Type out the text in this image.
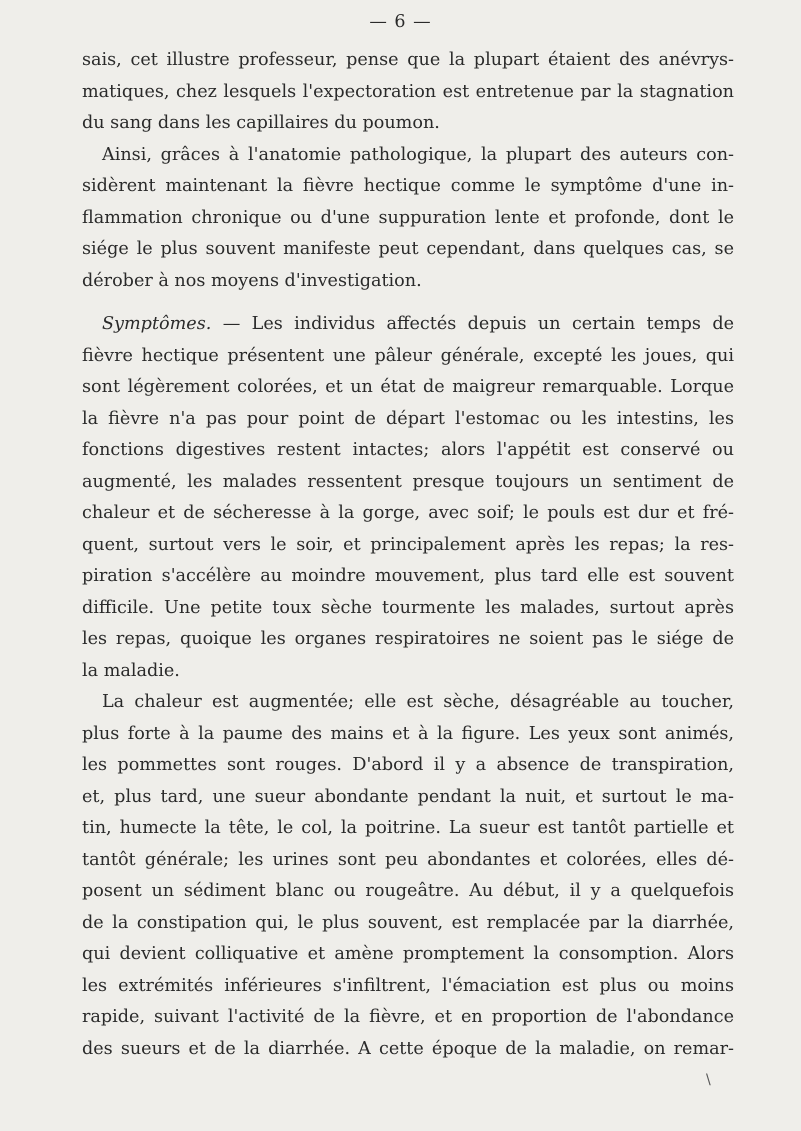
— 6 —
sais, cet illustre professeur, pense que la plupart étaient des anévrys-
matiques, chez lesquels l'expectoration est entretenue par la stagnation
du sang dans les capillaires du poumon.
Ainsi, grâces à l'anatomie pathologique, la plupart des auteurs con-
sidèrent maintenant la fièvre hectique comme le symptôme d'une in-
flammation chronique ou d'une suppuration lente et profonde, dont le
siége le plus souvent manifeste peut cependant, dans quelques cas, se
dérober à nos moyens d'investigation.
Symptômes. — Les individus affectés depuis un certain temps de
fièvre hectique présentent une pâleur générale, excepté les joues, qui
sont légèrement colorées, et un état de maigreur remarquable. Lorque
la fièvre n'a pas pour point de départ l'estomac ou les intestins, les
fonctions digestives restent intactes; alors l'appétit est conservé ou
augmenté, les malades ressentent presque toujours un sentiment de
chaleur et de sécheresse à la gorge, avec soif; le pouls est dur et fré-
quent, surtout vers le soir, et principalement après les repas; la res-
piration s'accélère au moindre mouvement, plus tard elle est souvent
difficile. Une petite toux sèche tourmente les malades, surtout après
les repas, quoique les organes respiratoires ne soient pas le siége de
la maladie.
La chaleur est augmentée; elle est sèche, désagréable au toucher,
plus forte à la paume des mains et à la figure. Les yeux sont animés,
les pommettes sont rouges. D'abord il y a absence de transpiration,
et, plus tard, une sueur abondante pendant la nuit, et surtout le ma-
tin, humecte la tête, le col, la poitrine. La sueur est tantôt partielle et
tantôt générale; les urines sont peu abondantes et colorées, elles dé-
posent un sédiment blanc ou rougeâtre. Au début, il y a quelquefois
de la constipation qui, le plus souvent, est remplacée par la diarrhée,
qui devient colliquative et amène promptement la consomption. Alors
les extrémités inférieures s'infiltrent, l'émaciation est plus ou moins
rapide, suivant l'activité de la fièvre, et en proportion de l'abondance
des sueurs et de la diarrhée. A cette époque de la maladie, on remar-
\
